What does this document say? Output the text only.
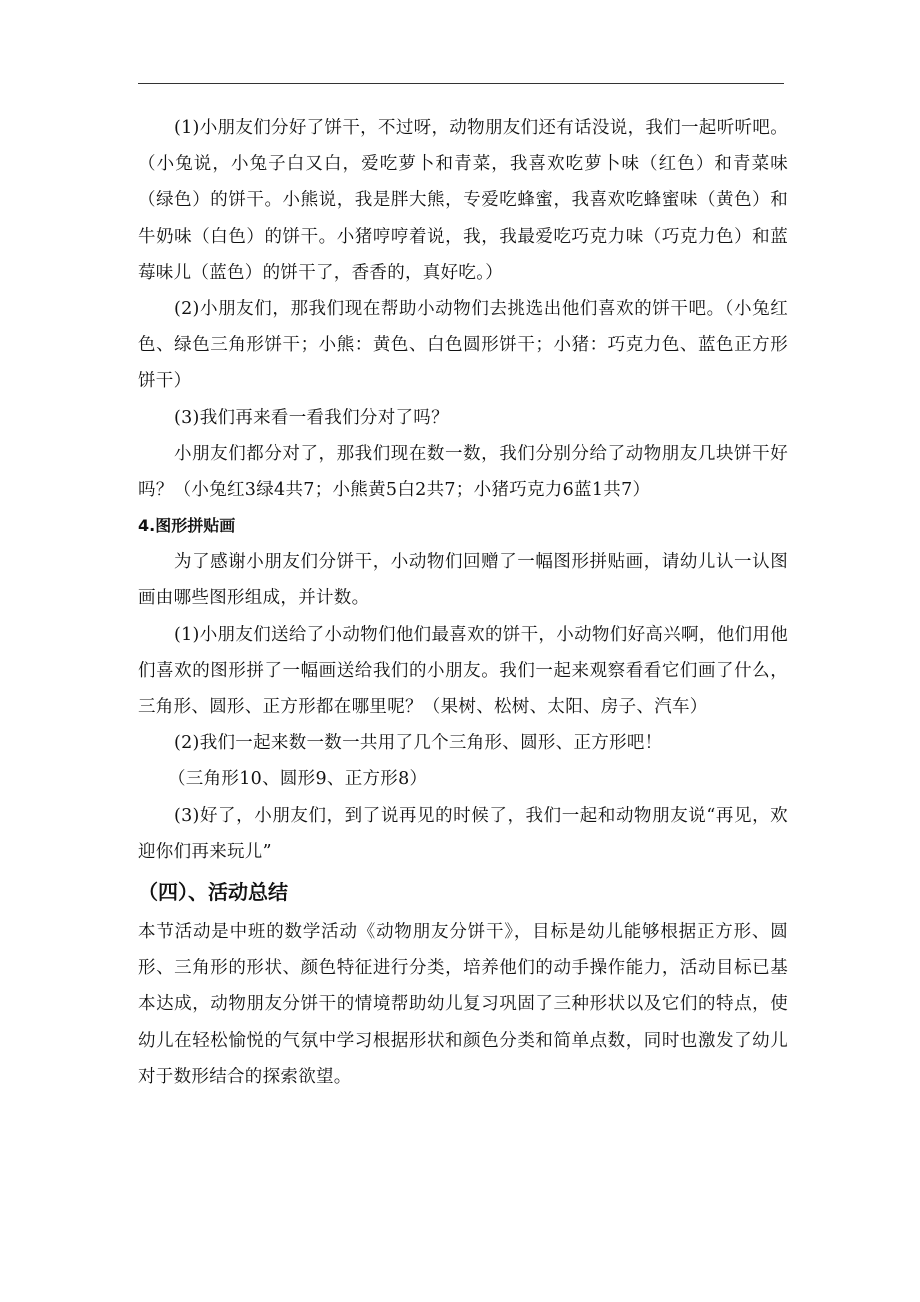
(1)小朋友们分好了饼干，不过呀，动物朋友们还有话没说，我们一起听听吧。（小兔说，小兔子白又白，爱吃萝卜和青菜，我喜欢吃萝卜味（红色）和青菜味（绿色）的饼干。小熊说，我是胖大熊，专爱吃蜂蜜，我喜欢吃蜂蜜味（黄色）和牛奶味（白色）的饼干。小猪哼哼着说，我，我最爱吃巧克力味（巧克力色）和蓝莓味儿（蓝色）的饼干了，香香的，真好吃。）

(2)小朋友们，那我们现在帮助小动物们去挑选出他们喜欢的饼干吧。（小兔红色、绿色三角形饼干；小熊：黄色、白色圆形饼干；小猪：巧克力色、蓝色正方形饼干）

(3)我们再来看一看我们分对了吗？

小朋友们都分对了，那我们现在数一数，我们分别分给了动物朋友几块饼干好吗？（小兔红3绿4共7；小熊黄5白2共7；小猪巧克力6蓝1共7）

4.图形拼贴画

为了感谢小朋友们分饼干，小动物们回赠了一幅图形拼贴画，请幼儿认一认图画由哪些图形组成，并计数。

(1)小朋友们送给了小动物们他们最喜欢的饼干，小动物们好高兴啊，他们用他们喜欢的图形拼了一幅画送给我们的小朋友。我们一起来观察看看它们画了什么，三角形、圆形、正方形都在哪里呢？（果树、松树、太阳、房子、汽车）

(2)我们一起来数一数一共用了几个三角形、圆形、正方形吧！

（三角形10、圆形9、正方形8）

(3)好了，小朋友们，到了说再见的时候了，我们一起和动物朋友说“再见，欢迎你们再来玩儿”

（四）、活动总结

本节活动是中班的数学活动《动物朋友分饼干》，目标是幼儿能够根据正方形、圆形、三角形的形状、颜色特征进行分类，培养他们的动手操作能力，活动目标已基本达成，动物朋友分饼干的情境帮助幼儿复习巩固了三种形状以及它们的特点，使幼儿在轻松愉悦的气氛中学习根据形状和颜色分类和简单点数，同时也激发了幼儿对于数形结合的探索欲望。
